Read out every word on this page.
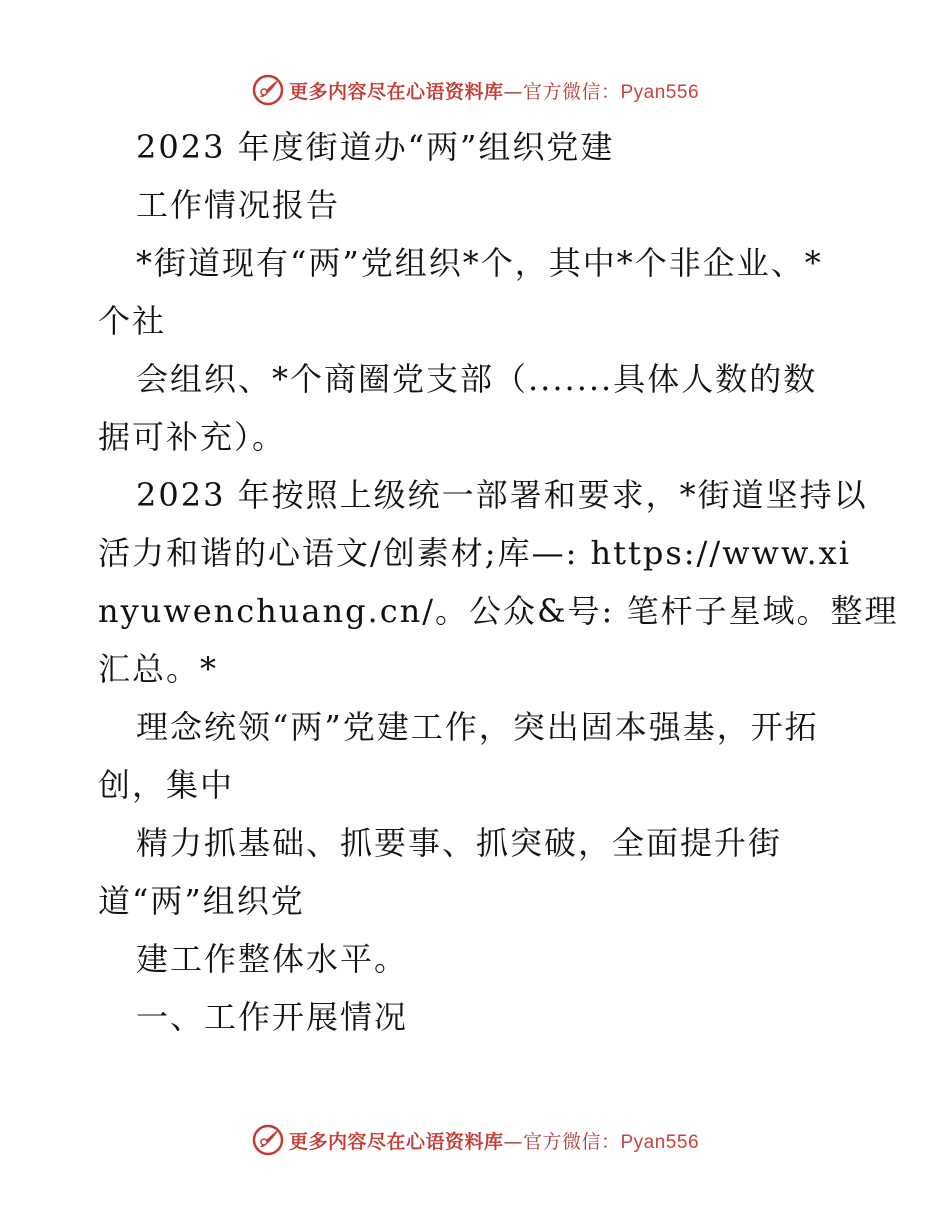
更多内容尽在心语资料库—官方微信：Pyan556
2023 年度街道办“两”组织党建
工作情况报告
*街道现有“两”党组织*个，其中*个非企业、*
个社
会组织、*个商圈党支部（.......具体人数的数
据可补充）。
2023 年按照上级统一部署和要求，*街道坚持以
活力和谐的心语文/创素材;库—: https://www.xi
nyuwenchuang.cn/。公众&号: 笔杆子星域。整理
汇总。*
理念统领“两”党建工作，突出固本强基，开拓
创，集中
精力抓基础、抓要事、抓突破，全面提升街
道“两”组织党
建工作整体水平。
一、工作开展情况
更多内容尽在心语资料库—官方微信：Pyan556
